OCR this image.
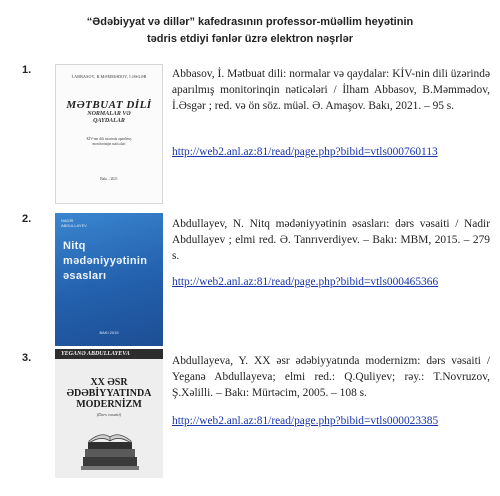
“Ədəbiyyat və dillər” kafedrasının professor-müəllim heyətinin
tədris etdiyi fənlər üzrə elektron nəşrlər
1.
İ.ABBASOV, B.MƏMMƏDOV, İ.ƏSGƏR
MƏTBUAT DİLİ
NORMALAR VƏ
QAYDALAR
KİV-nin dili üzərində aparılmış
monitorinqin nəticələri
Bakı – 2021
Abbasov, İ. Mətbuat dili: normalar və qaydalar: KİV-nin dili üzərində aparılmış monitorinqin nəticələri / İlham Abbasov, B.Məmmədov, İ.Əsgər ; red. və ön söz. müəl. Ə. Amaşov. Bakı, 2021. – 95 s.
http://web2.anl.az:81/read/page.php?bibid=vtls000760113
2.	NADİR
ABDULLAYEV
Nitq
mədəniyyətinin
əsasları
BAKI 2015
Abdullayev, N. Nitq mədəniyyətinin əsasları: dərs vəsaiti / Nadir Abdullayev ; elmi red. Ə. Tanrıverdiyev. – Bakı: MBM, 2015. – 279 s.
http://web2.anl.az:81/read/page.php?bibid=vtls000465366
3.	YEGANƏ ABDULLAYEVA
XX ƏSR
ƏDƏBİYYATINDA
MODERNİZM
(Dərs vəsaiti)
Abdullayeva, Y. XX əsr ədəbiyyatında modernizm: dərs vəsaiti / Yeganə Abdullayeva; elmi red.: Q.Quliyev; rəy.: T.Novruzov, Ş.Xəlilli. – Bakı: Mürtəcim, 2005. – 108 s.
http://web2.anl.az:81/read/page.php?bibid=vtls000023385
